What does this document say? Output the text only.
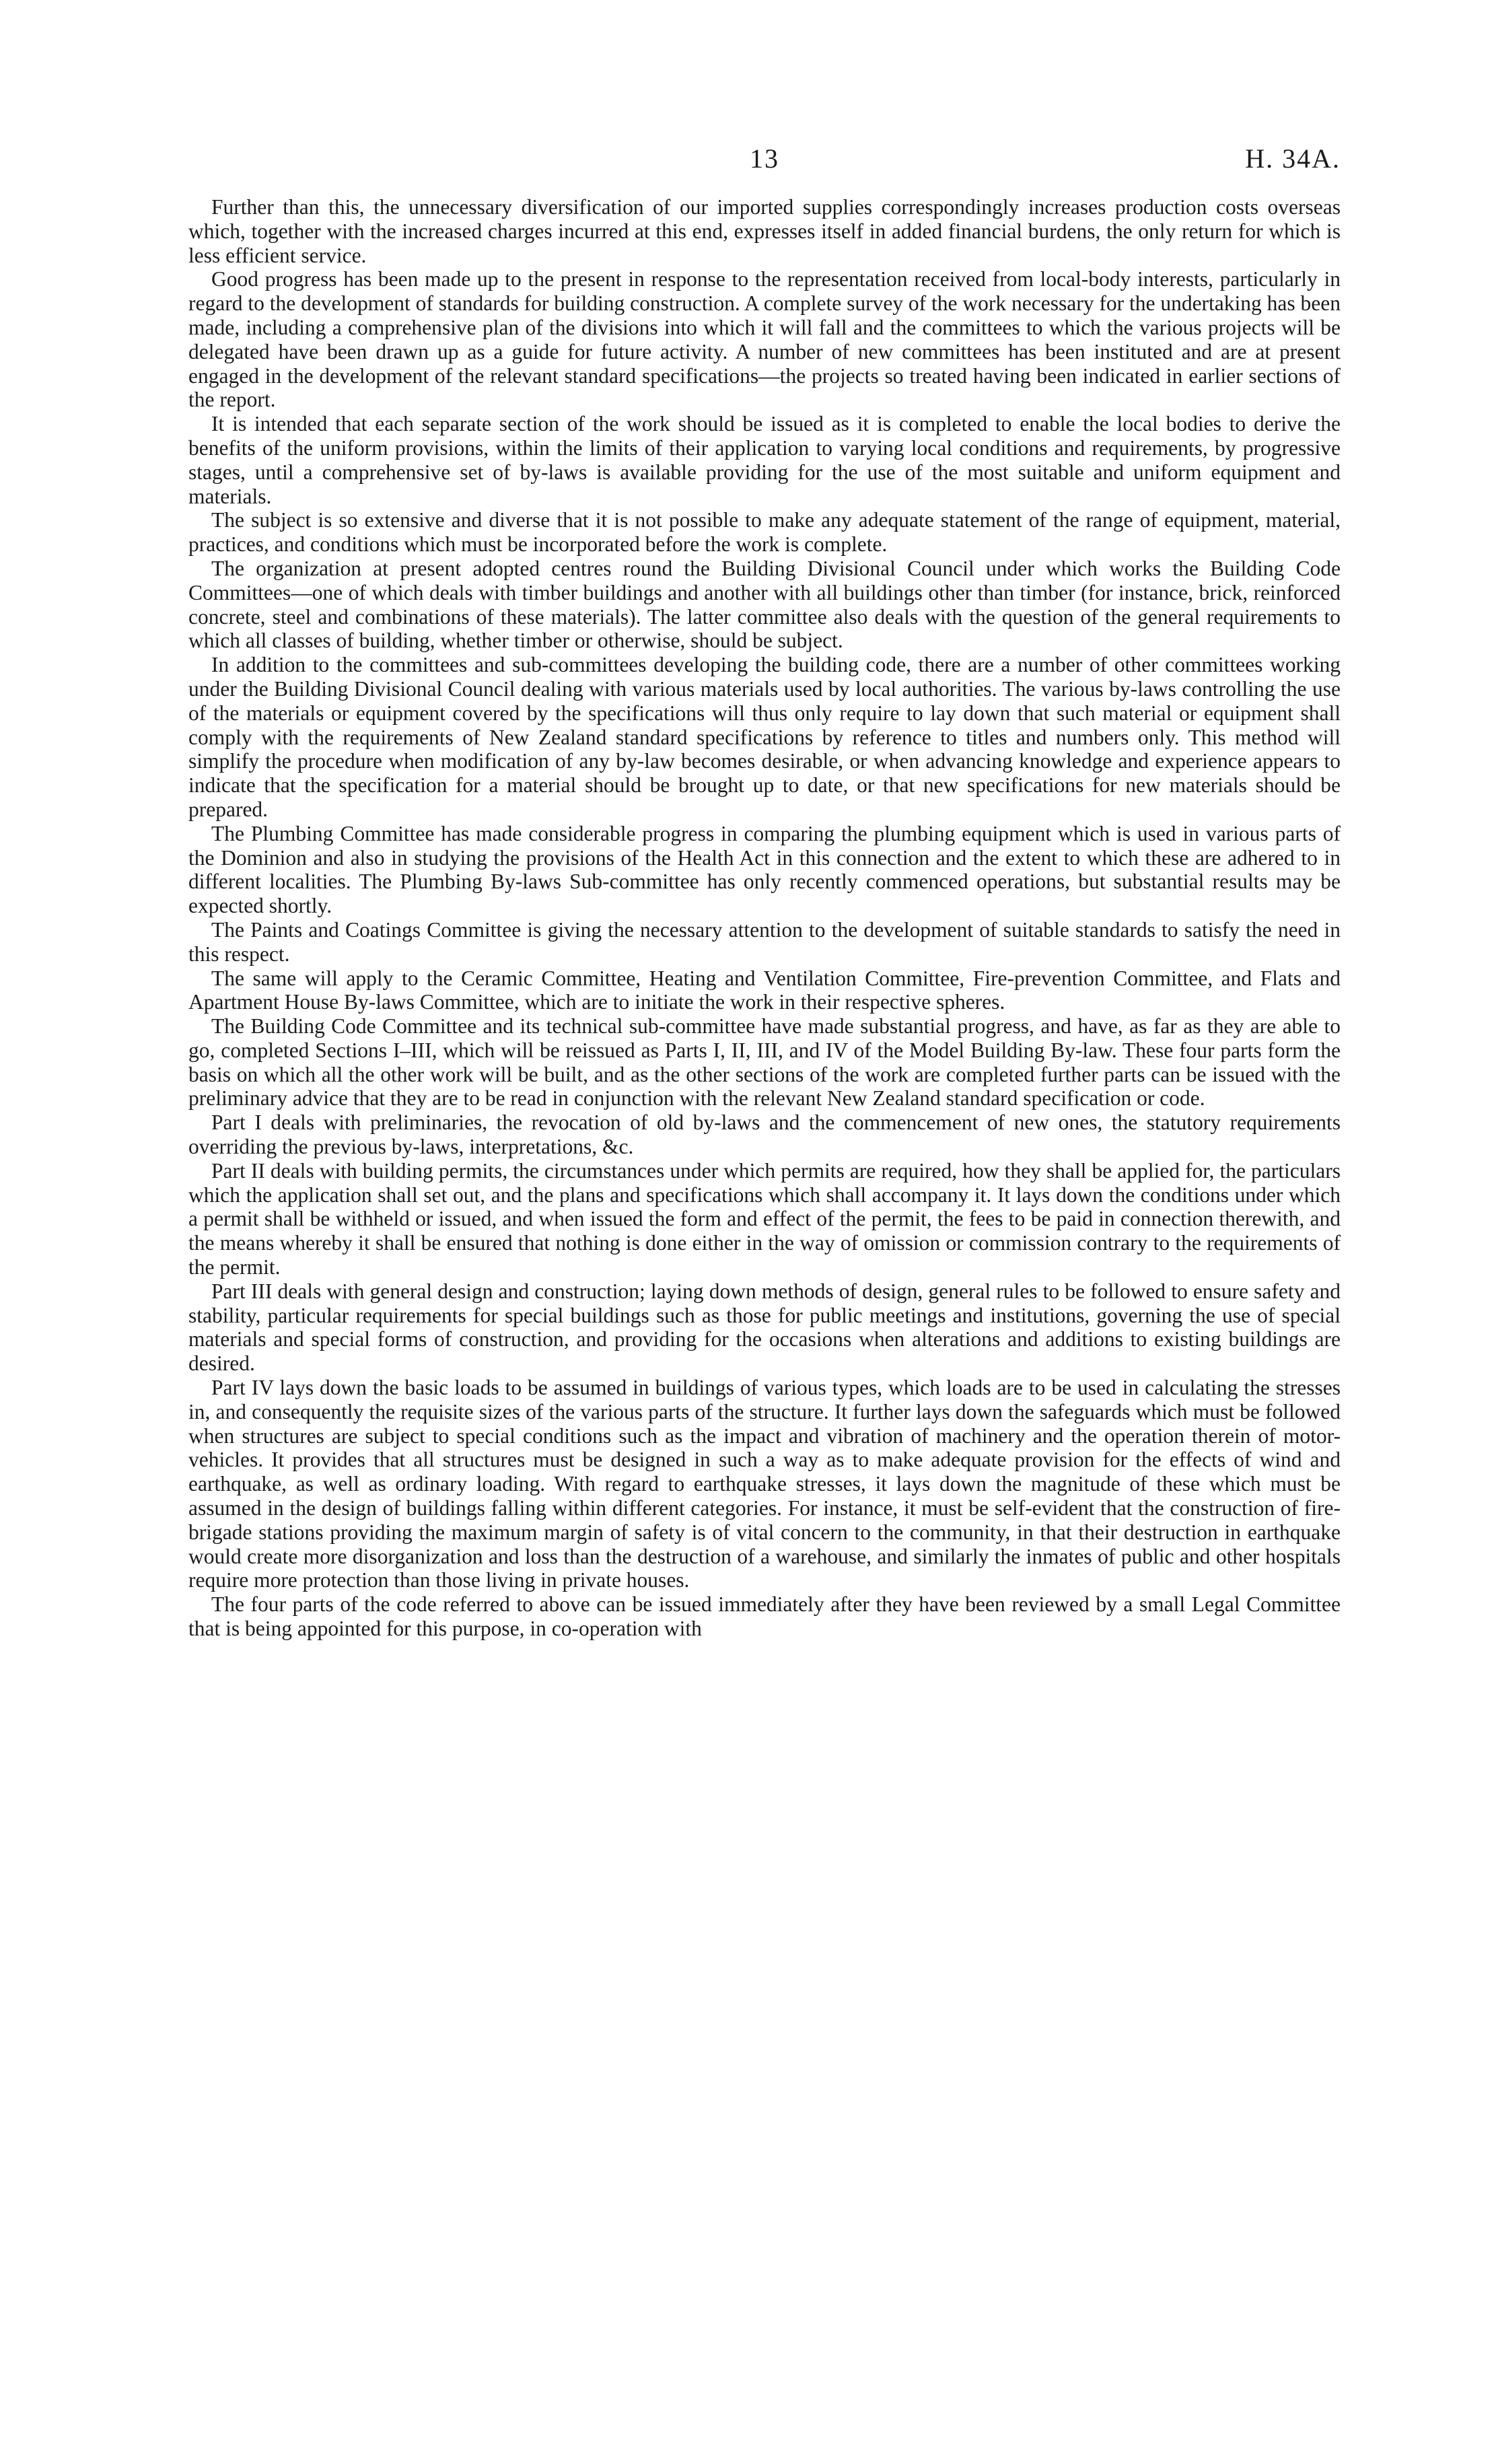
13	H. 34A.

Further than this, the unnecessary diversification of our imported supplies correspondingly increases production costs overseas which, together with the increased charges incurred at this end, expresses itself in added financial burdens, the only return for which is less efficient service.

Good progress has been made up to the present in response to the representation received from local-body interests, particularly in regard to the development of standards for building construction. A complete survey of the work necessary for the undertaking has been made, including a comprehensive plan of the divisions into which it will fall and the committees to which the various projects will be delegated have been drawn up as a guide for future activity. A number of new committees has been instituted and are at present engaged in the development of the relevant standard specifications—the projects so treated having been indicated in earlier sections of the report.

It is intended that each separate section of the work should be issued as it is completed to enable the local bodies to derive the benefits of the uniform provisions, within the limits of their application to varying local conditions and requirements, by progressive stages, until a comprehensive set of by-laws is available providing for the use of the most suitable and uniform equipment and materials.

The subject is so extensive and diverse that it is not possible to make any adequate statement of the range of equipment, material, practices, and conditions which must be incorporated before the work is complete.

The organization at present adopted centres round the Building Divisional Council under which works the Building Code Committees—one of which deals with timber buildings and another with all buildings other than timber (for instance, brick, reinforced concrete, steel and combinations of these materials). The latter committee also deals with the question of the general requirements to which all classes of building, whether timber or otherwise, should be subject.

In addition to the committees and sub-committees developing the building code, there are a number of other committees working under the Building Divisional Council dealing with various materials used by local authorities. The various by-laws controlling the use of the materials or equipment covered by the specifications will thus only require to lay down that such material or equipment shall comply with the requirements of New Zealand standard specifications by reference to titles and numbers only. This method will simplify the procedure when modification of any by-law becomes desirable, or when advancing knowledge and experience appears to indicate that the specification for a material should be brought up to date, or that new specifications for new materials should be prepared.

The Plumbing Committee has made considerable progress in comparing the plumbing equipment which is used in various parts of the Dominion and also in studying the provisions of the Health Act in this connection and the extent to which these are adhered to in different localities. The Plumbing By-laws Sub-committee has only recently commenced operations, but substantial results may be expected shortly.

The Paints and Coatings Committee is giving the necessary attention to the development of suitable standards to satisfy the need in this respect.

The same will apply to the Ceramic Committee, Heating and Ventilation Committee, Fire-prevention Committee, and Flats and Apartment House By-laws Committee, which are to initiate the work in their respective spheres.

The Building Code Committee and its technical sub-committee have made substantial progress, and have, as far as they are able to go, completed Sections I–III, which will be reissued as Parts I, II, III, and IV of the Model Building By-law. These four parts form the basis on which all the other work will be built, and as the other sections of the work are completed further parts can be issued with the preliminary advice that they are to be read in conjunction with the relevant New Zealand standard specification or code.

Part I deals with preliminaries, the revocation of old by-laws and the commencement of new ones, the statutory requirements overriding the previous by-laws, interpretations, &c.

Part II deals with building permits, the circumstances under which permits are required, how they shall be applied for, the particulars which the application shall set out, and the plans and specifications which shall accompany it. It lays down the conditions under which a permit shall be withheld or issued, and when issued the form and effect of the permit, the fees to be paid in connection therewith, and the means whereby it shall be ensured that nothing is done either in the way of omission or commission contrary to the requirements of the permit.

Part III deals with general design and construction; laying down methods of design, general rules to be followed to ensure safety and stability, particular requirements for special buildings such as those for public meetings and institutions, governing the use of special materials and special forms of construction, and providing for the occasions when alterations and additions to existing buildings are desired.

Part IV lays down the basic loads to be assumed in buildings of various types, which loads are to be used in calculating the stresses in, and consequently the requisite sizes of the various parts of the structure. It further lays down the safeguards which must be followed when structures are subject to special conditions such as the impact and vibration of machinery and the operation therein of motor-vehicles. It provides that all structures must be designed in such a way as to make adequate provision for the effects of wind and earthquake, as well as ordinary loading. With regard to earthquake stresses, it lays down the magnitude of these which must be assumed in the design of buildings falling within different categories. For instance, it must be self-evident that the construction of fire-brigade stations providing the maximum margin of safety is of vital concern to the community, in that their destruction in earthquake would create more disorganization and loss than the destruction of a warehouse, and similarly the inmates of public and other hospitals require more protection than those living in private houses.

The four parts of the code referred to above can be issued immediately after they have been reviewed by a small Legal Committee that is being appointed for this purpose, in co-operation with
